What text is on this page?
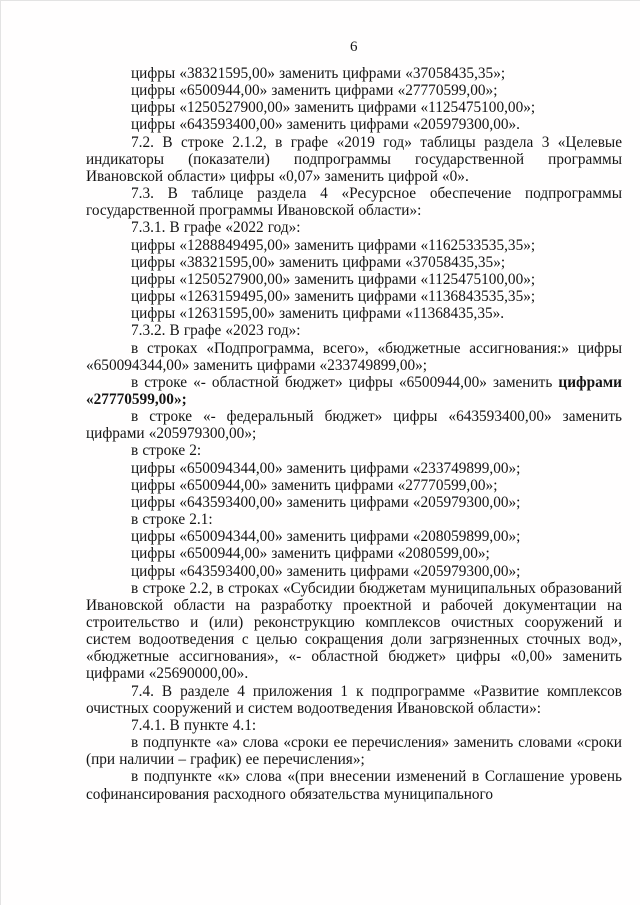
6

цифры «38321595,00» заменить цифрами «37058435,35»;

цифры «6500944,00» заменить цифрами «27770599,00»;

цифры «1250527900,00» заменить цифрами «1125475100,00»;

цифры «643593400,00» заменить цифрами «205979300,00».

7.2. В строке 2.1.2, в графе «2019 год» таблицы раздела 3 «Целевые индикаторы (показатели) подпрограммы государственной программы Ивановской области» цифры «0,07» заменить цифрой «0».

7.3. В таблице раздела 4 «Ресурсное обеспечение подпрограммы государственной программы Ивановской области»:

7.3.1. В графе «2022 год»:

цифры «1288849495,00» заменить цифрами «1162533535,35»;

цифры «38321595,00» заменить цифрами «37058435,35»;

цифры «1250527900,00» заменить цифрами «1125475100,00»;

цифры «1263159495,00» заменить цифрами «1136843535,35»;

цифры «12631595,00» заменить цифрами «11368435,35».

7.3.2. В графе «2023 год»:

в строках «Подпрограмма, всего», «бюджетные ассигнования:» цифры «650094344,00» заменить цифрами «233749899,00»;

в строке «- областной бюджет» цифры «6500944,00» заменить цифрами «27770599,00»;

в строке «- федеральный бюджет» цифры «643593400,00» заменить цифрами «205979300,00»;

в строке 2:

цифры «650094344,00» заменить цифрами «233749899,00»;

цифры «6500944,00» заменить цифрами «27770599,00»;

цифры «643593400,00» заменить цифрами «205979300,00»;

в строке 2.1:

цифры «650094344,00» заменить цифрами «208059899,00»;

цифры «6500944,00» заменить цифрами «2080599,00»;

цифры «643593400,00» заменить цифрами «205979300,00»;

в строке 2.2, в строках «Субсидии бюджетам муниципальных образований Ивановской области на разработку проектной и рабочей документации на строительство и (или) реконструкцию комплексов очистных сооружений и систем водоотведения с целью сокращения доли загрязненных сточных вод», «бюджетные ассигнования», «- областной бюджет» цифры «0,00» заменить цифрами «25690000,00».

7.4. В разделе 4 приложения 1 к подпрограмме «Развитие комплексов очистных сооружений и систем водоотведения Ивановской области»:

7.4.1. В пункте 4.1:

в подпункте «а» слова «сроки ее перечисления» заменить словами «сроки (при наличии – график) ее перечисления»;

в подпункте «к» слова «(при внесении изменений в Соглашение уровень софинансирования расходного обязательства муниципального
